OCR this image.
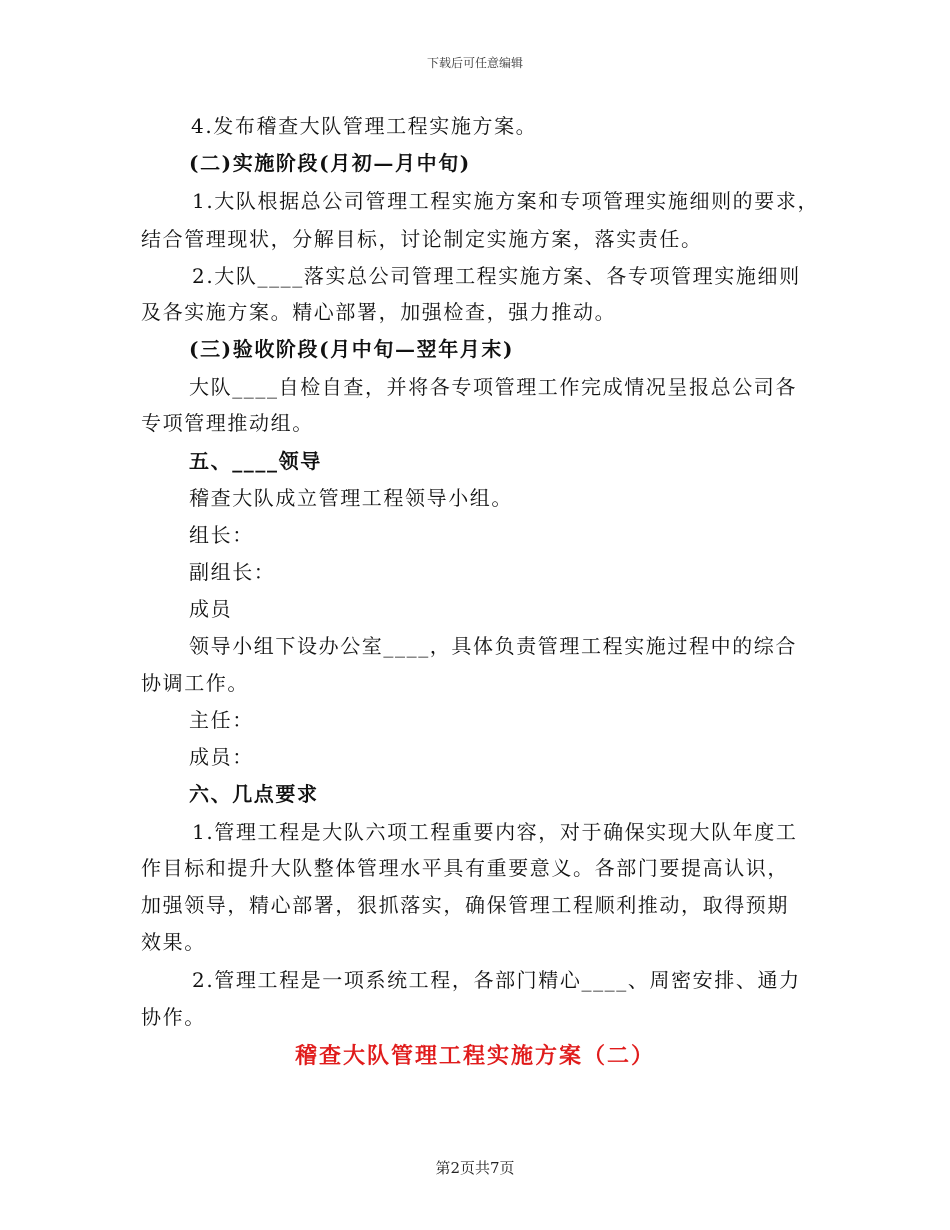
下载后可任意编辑
4.发布稽查大队管理工程实施方案。
(二)实施阶段(月初—月中旬)
1.大队根据总公司管理工程实施方案和专项管理实施细则的要求，
结合管理现状，分解目标，讨论制定实施方案，落实责任。
2.大队____落实总公司管理工程实施方案、各专项管理实施细则
及各实施方案。精心部署，加强检查，强力推动。
(三)验收阶段(月中旬—翌年月末)
大队____自检自查，并将各专项管理工作完成情况呈报总公司各
专项管理推动组。
五、____领导
稽查大队成立管理工程领导小组。
组长：
副组长：
成员
领导小组下设办公室____，具体负责管理工程实施过程中的综合
协调工作。
主任：
成员：
六、几点要求
1.管理工程是大队六项工程重要内容，对于确保实现大队年度工
作目标和提升大队整体管理水平具有重要意义。各部门要提高认识，
加强领导，精心部署，狠抓落实，确保管理工程顺利推动，取得预期
效果。
2.管理工程是一项系统工程，各部门精心____、周密安排、通力
协作。
稽查大队管理工程实施方案（二）
第2页共7页
